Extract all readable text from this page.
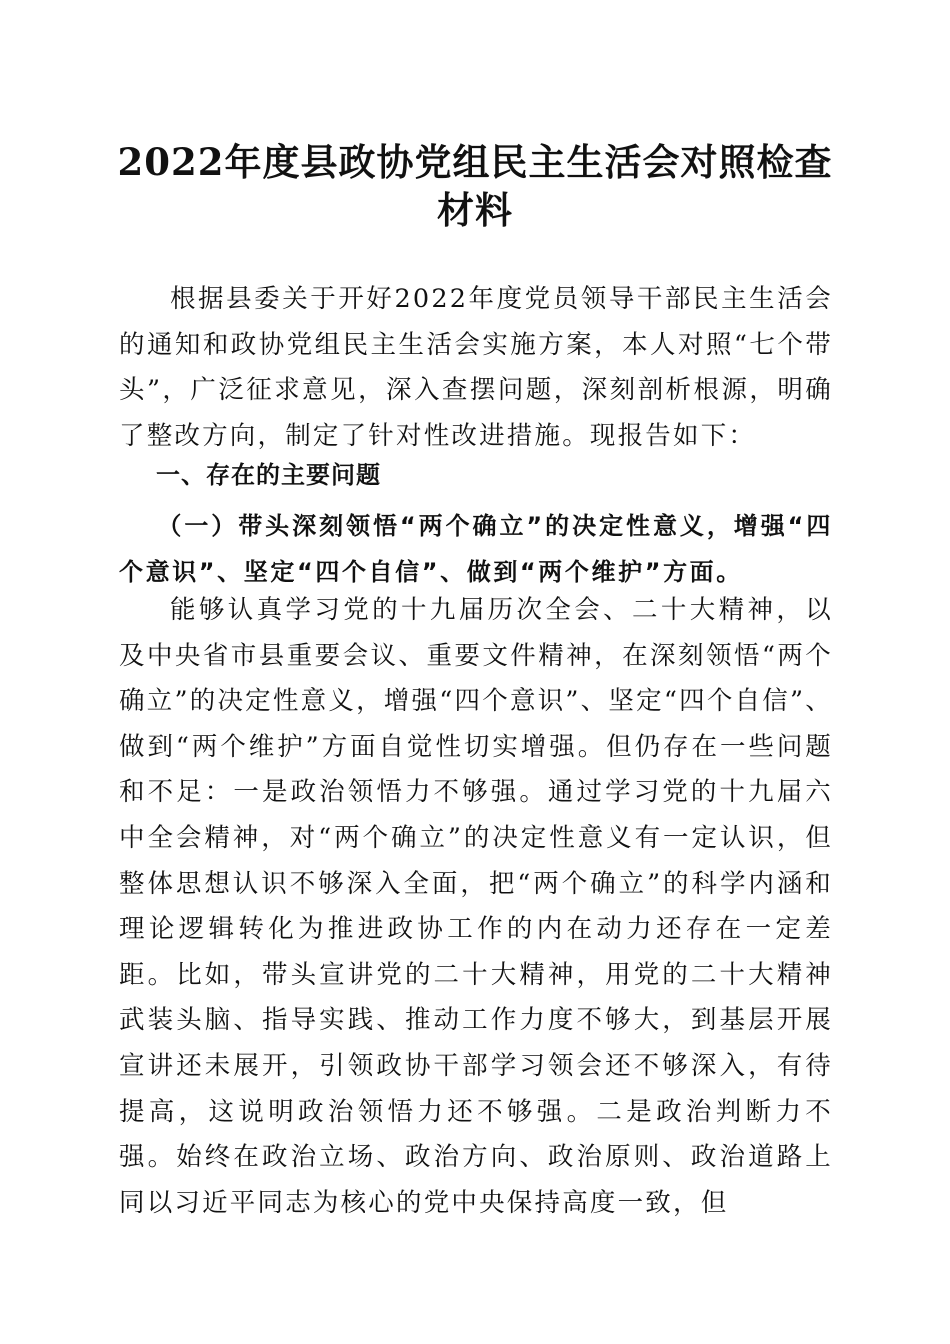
2022年度县政协党组民主生活会对照检查材料

根据县委关于开好2022年度党员领导干部民主生活会的通知和政协党组民主生活会实施方案，本人对照“七个带头”，广泛征求意见，深入查摆问题，深刻剖析根源，明确了整改方向，制定了针对性改进措施。现报告如下：

一、存在的主要问题
（一）带头深刻领悟“两个确立”的决定性意义，增强“四个意识”、坚定“四个自信”、做到“两个维护”方面。

能够认真学习党的十九届历次全会、二十大精神，以及中央省市县重要会议、重要文件精神，在深刻领悟“两个确立”的决定性意义，增强“四个意识”、坚定“四个自信”、做到“两个维护”方面自觉性切实增强。但仍存在一些问题和不足：一是政治领悟力不够强。通过学习党的十九届六中全会精神，对“两个确立”的决定性意义有一定认识，但整体思想认识不够深入全面，把“两个确立”的科学内涵和理论逻辑转化为推进政协工作的内在动力还存在一定差距。比如，带头宣讲党的二十大精神，用党的二十大精神武装头脑、指导实践、推动工作力度不够大，到基层开展宣讲还未展开，引领政协干部学习领会还不够深入，有待提高，这说明政治领悟力还不够强。二是政治判断力不强。始终在政治立场、政治方向、政治原则、政治道路上同以习近平同志为核心的党中央保持高度一致，但
